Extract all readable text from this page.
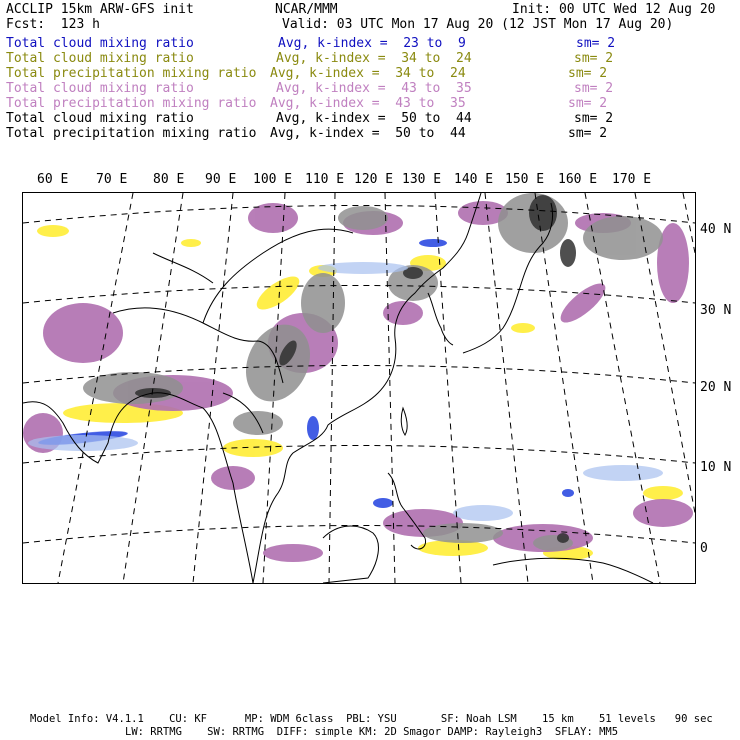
ACCLIP 15km ARW-GFS init	NCAR/MMM	Init: 00 UTC Wed 12 Aug 20
Fcst:  123 h	Valid: 03 UTC Mon 17 Aug 20 (12 JST Mon 17 Aug 20)
Total cloud mixing ratio	Avg, k-index =  23 to  9	sm= 2
Total cloud mixing ratio	Avg, k-index =  34 to  24	sm= 2
Total precipitation mixing ratio Avg, k-index =  34 to  24	sm= 2
Total cloud mixing ratio	Avg, k-index =  43 to  35	sm= 2
Total precipitation mixing ratio Avg, k-index =  43 to  35	sm= 2
Total cloud mixing ratio	Avg, k-index =  50 to  44	sm= 2
Total precipitation mixing ratio Avg, k-index =  50 to  44	sm= 2
60 E 70 E 80 E 90 E 100 E 110 E 120 E 130 E 140 E 150 E 160 E 170 E
40 N
30 N
20 N
10 N
0
Model Info: V4.1.1    CU: KF      MP: WDM 6class  PBL: YSU       SF: Noah LSM    15 km    51 levels   90 sec
LW: RRTMG    SW: RRTMG  DIFF: simple KM: 2D Smagor DAMP: Rayleigh3  SFLAY: MM5
